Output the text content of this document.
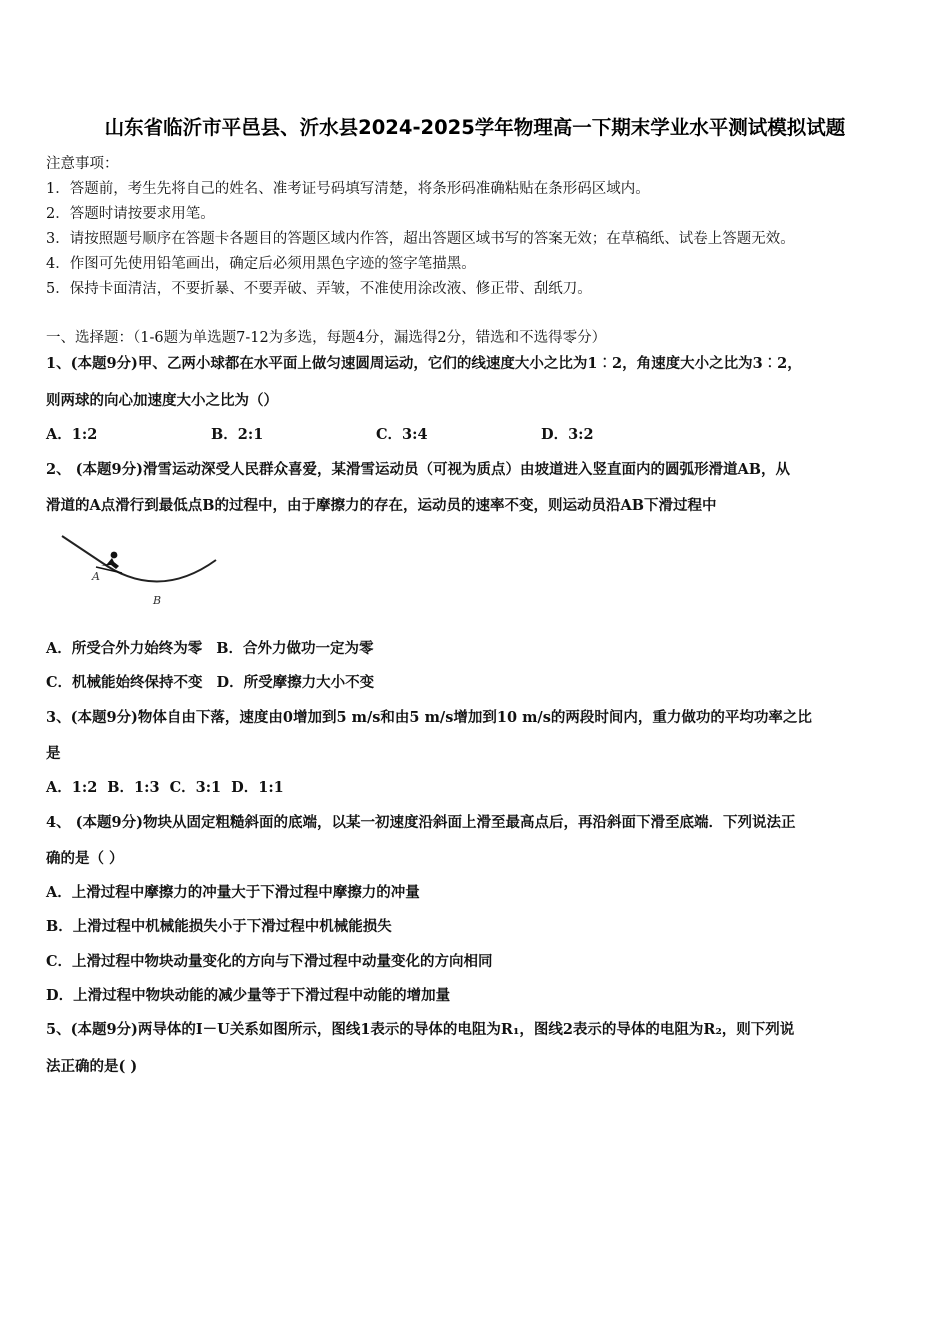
山东省临沂市平邑县、沂水县2024-2025学年物理高一下期末学业水平测试模拟试题
注意事项：
1．答题前，考生先将自己的姓名、准考证号码填写清楚，将条形码准确粘贴在条形码区域内。
2．答题时请按要求用笔。
3．请按照题号顺序在答题卡各题目的答题区域内作答，超出答题区域书写的答案无效；在草稿纸、试卷上答题无效。
4．作图可先使用铅笔画出，确定后必须用黑色字迹的签字笔描黑。
5．保持卡面清洁，不要折暴、不要弄破、弄皱，不准使用涂改液、修正带、刮纸刀。
一、选择题：（1-6题为单选题7-12为多选，每题4分，漏选得2分，错选和不选得零分）
1、(本题9分)甲、乙两小球都在水平面上做匀速圆周运动，它们的线速度大小之比为1︰2，角速度大小之比为3︰2，
则两球的向心加速度大小之比为（）
A．1:2	B．2:1	C．3:4	D．3:2
2、 (本题9分)滑雪运动深受人民群众喜爱，某滑雪运动员（可视为质点）由坡道进入竖直面内的圆弧形滑道AB，从
滑道的A点滑行到最低点B的过程中，由于摩擦力的存在，运动员的速率不变，则运动员沿AB下滑过程中
A
B
A．所受合外力始终为零 B．合外力做功一定为零
C．机械能始终保持不变 D．所受摩擦力大小不变
3、(本题9分)物体自由下落，速度由0增加到5 m/s和由5 m/s增加到10 m/s的两段时间内，重力做功的平均功率之比
是
A．1:2 B．1:3 C．3:1 D．1:1
4、 (本题9分)物块从固定粗糙斜面的底端，以某一初速度沿斜面上滑至最高点后，再沿斜面下滑至底端．下列说法正
确的是（ ）
A．上滑过程中摩擦力的冲量大于下滑过程中摩擦力的冲量
B．上滑过程中机械能损失小于下滑过程中机械能损失
C．上滑过程中物块动量变化的方向与下滑过程中动量变化的方向相同
D．上滑过程中物块动能的减少量等于下滑过程中动能的增加量
5、(本题9分)两导体的I－U关系如图所示，图线1表示的导体的电阻为R₁，图线2表示的导体的电阻为R₂，则下列说
法正确的是( )
